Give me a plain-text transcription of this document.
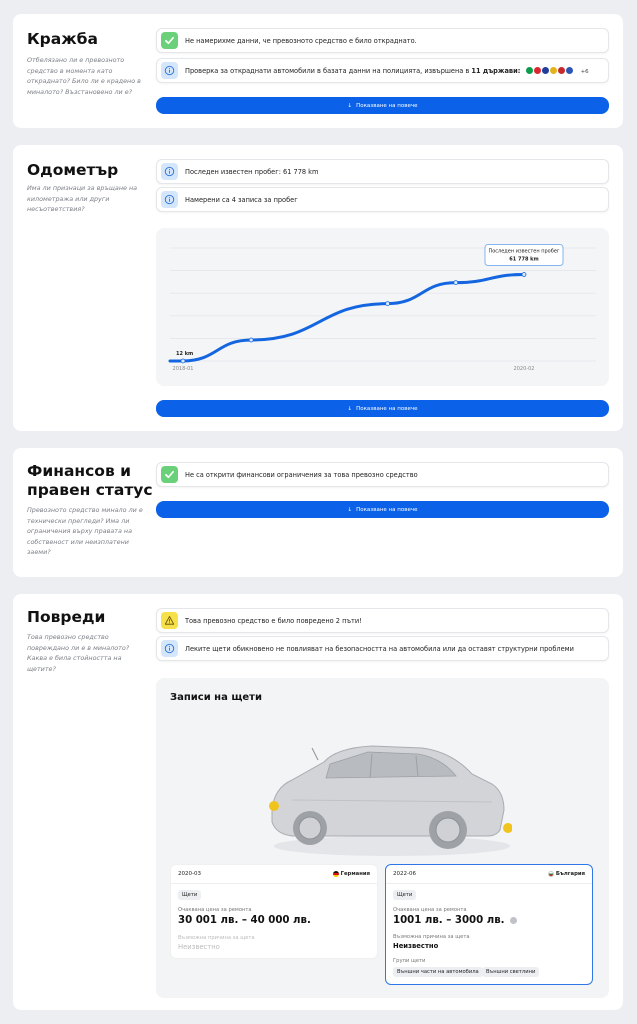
Кражба

Отбелязано ли е превозното средство в момента като откраднато? Било ли е крадено в миналото? Възстановено ли е?

Не намерихме данни, че превозното средство е било откраднато.
Проверка за откраднати автомобили в базата данни на полицията, извършена в 11 държави:	+6
↓ Показване на повече
Одометър

Има ли признаци за връщане на километража или други несъответствия?

Последен известен пробег: 61 778 km
Намерени са 4 записа за пробег
12 km
2018-01	2020-02
Последен известен пробег
61 778 km
↓ Показване на повече
Финансов и
правен статус

Превозното средство минало ли е технически прегледи? Има ли ограничения върху правата на собственост или неизплатени заеми?

Не са открити финансови ограничения за това превозно средство
↓ Показване на повече
Повреди

Това превозно средство повреждано ли е в миналото? Каква е била стойността на щетите?

Това превозно средство е било повредено 2 пъти!
Леките щети обикновено не повлияват на безопасността на автомобила или да оставят структурни проблеми
Записи на щети
2020-03	Германия
Щети
Очаквана цена за ремонта
30 001 лв. – 40 000 лв.
Възможна причина за щета
Неизвестно
2022-06	България
Щети
Очаквана цена за ремонта
1001 лв. – 3000 лв.
Възможна причина за щета
Неизвестно
Групи щети
Външни части на автомобила	Външни светлини
